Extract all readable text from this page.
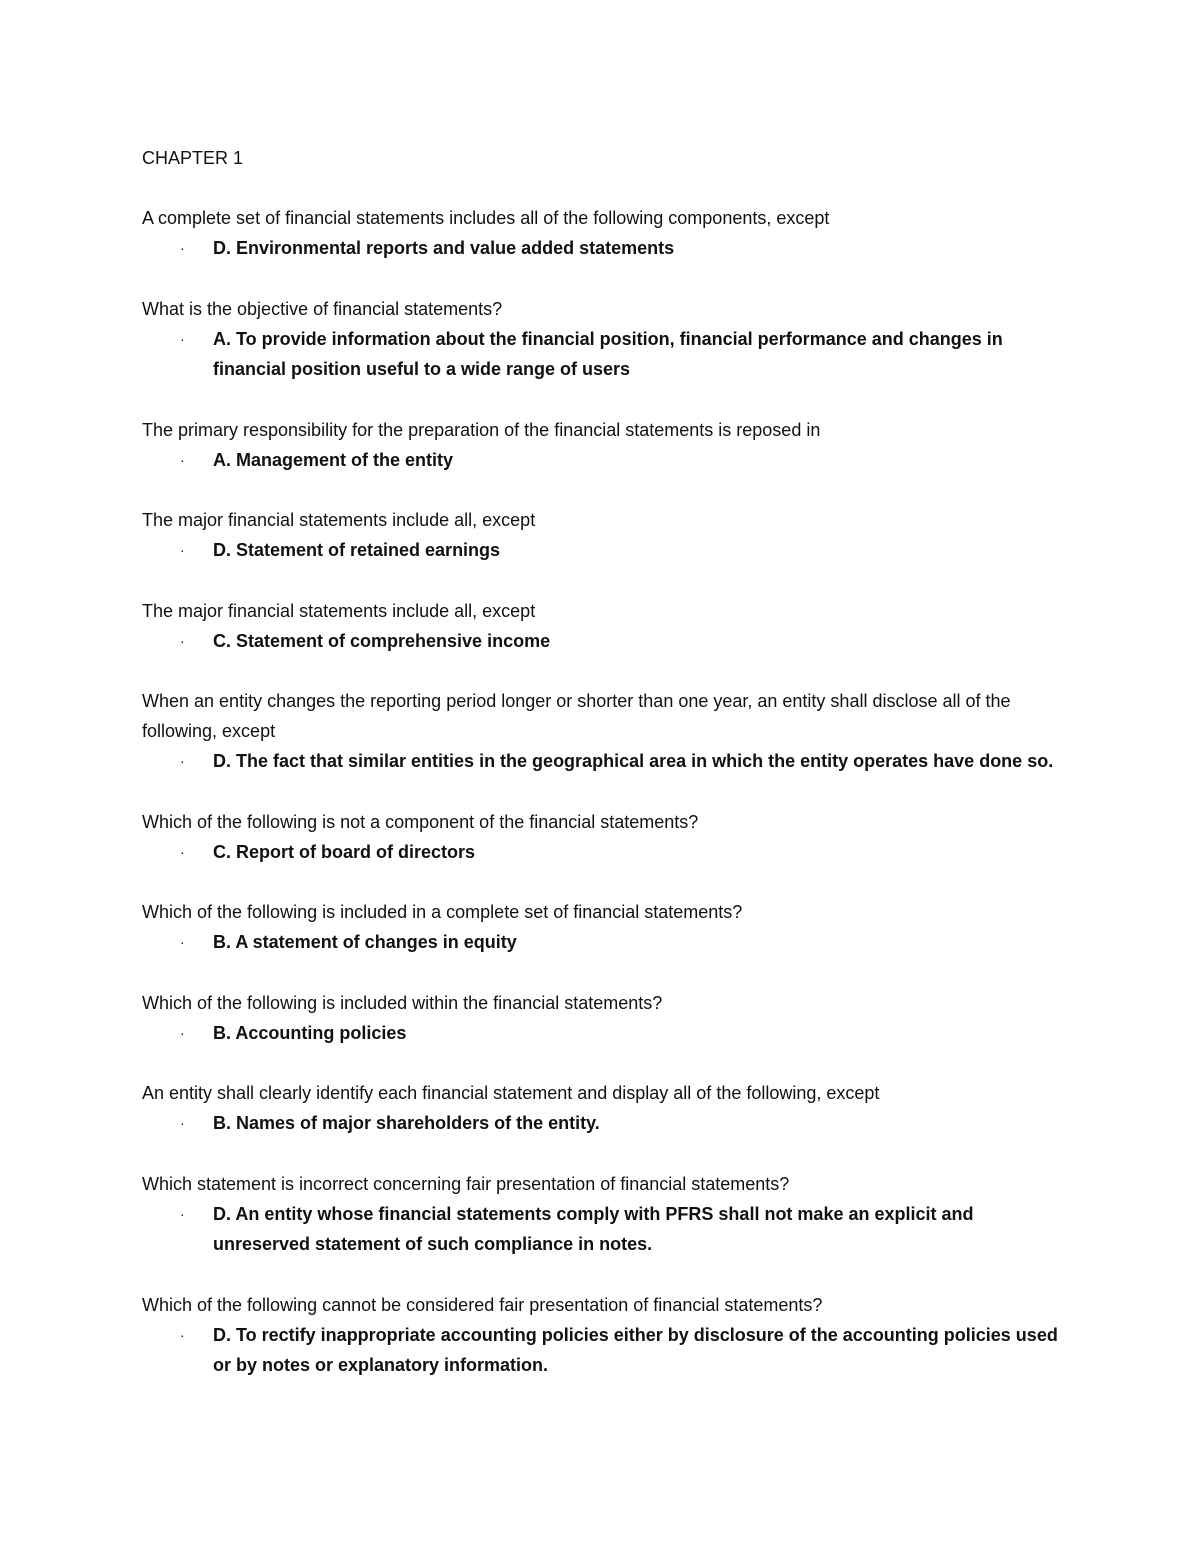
CHAPTER 1

A complete set of financial statements includes all of the following components, except

· D. Environmental reports and value added statements

What is the objective of financial statements?

· A. To provide information about the financial position, financial performance and changes in financial position useful to a wide range of users

The primary responsibility for the preparation of the financial statements is reposed in

· A. Management of the entity

The major financial statements include all, except

· D. Statement of retained earnings

The major financial statements include all, except

· C. Statement of comprehensive income

When an entity changes the reporting period longer or shorter than one year, an entity shall disclose all of the following, except

· D. The fact that similar entities in the geographical area in which the entity operates have done so.

Which of the following is not a component of the financial statements?

· C. Report of board of directors

Which of the following is included in a complete set of financial statements?

· B. A statement of changes in equity

Which of the following is included within the financial statements?

· B. Accounting policies

An entity shall clearly identify each financial statement and display all of the following, except

· B. Names of major shareholders of the entity.

Which statement is incorrect concerning fair presentation of financial statements?

· D. An entity whose financial statements comply with PFRS shall not make an explicit and unreserved statement of such compliance in notes.

Which of the following cannot be considered fair presentation of financial statements?

· D. To rectify inappropriate accounting policies either by disclosure of the accounting policies used or by notes or explanatory information.
